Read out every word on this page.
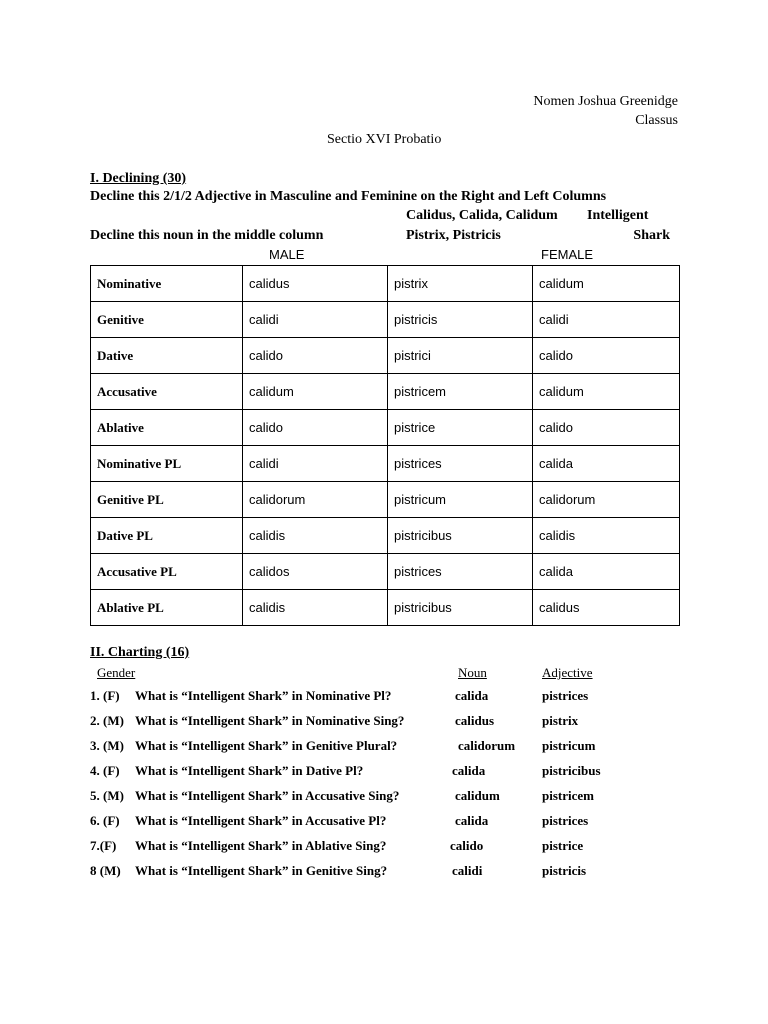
Nomen Joshua Greenidge
Classus
Sectio XVI Probatio
I. Declining (30)
Decline this 2/1/2 Adjective in Masculine and Feminine on the Right and Left Columns
Calidus, Calida, Calidum Intelligent
Decline this noun in the middle column	Pistrix, Pistricis	Shark
MALE	FEMALE
Nominative	calidus	pistrix	calidum
Genitive	calidi	pistricis	calidi
Dative	calido	pistrici	calido
Accusative	calidum	pistricem	calidum
Ablative	calido	pistrice	calido
Nominative PL	calidi	pistrices	calida
Genitive PL	calidorum	pistricum	calidorum
Dative PL	calidis	pistricibus	calidis
Accusative PL	calidos	pistrices	calida
Ablative PL	calidis	pistricibus	calidus
II. Charting (16)
Gender	Noun	Adjective
1. (F) What is “Intelligent Shark” in Nominative Pl?	calida	pistrices
2. (M) What is “Intelligent Shark” in Nominative Sing?	calidus	pistrix
3. (M) What is “Intelligent Shark” in Genitive Plural?	calidorum pistricum
4. (F) What is “Intelligent Shark” in Dative Pl?	calida	pistricibus
5. (M) What is “Intelligent Shark” in Accusative Sing?	calidum	pistricem
6. (F) What is “Intelligent Shark” in Accusative Pl?	calida	pistrices
7.(F) What is “Intelligent Shark” in Ablative Sing?	calido	pistrice
8 (M) What is “Intelligent Shark” in Genitive Sing?	calidi	pistricis
